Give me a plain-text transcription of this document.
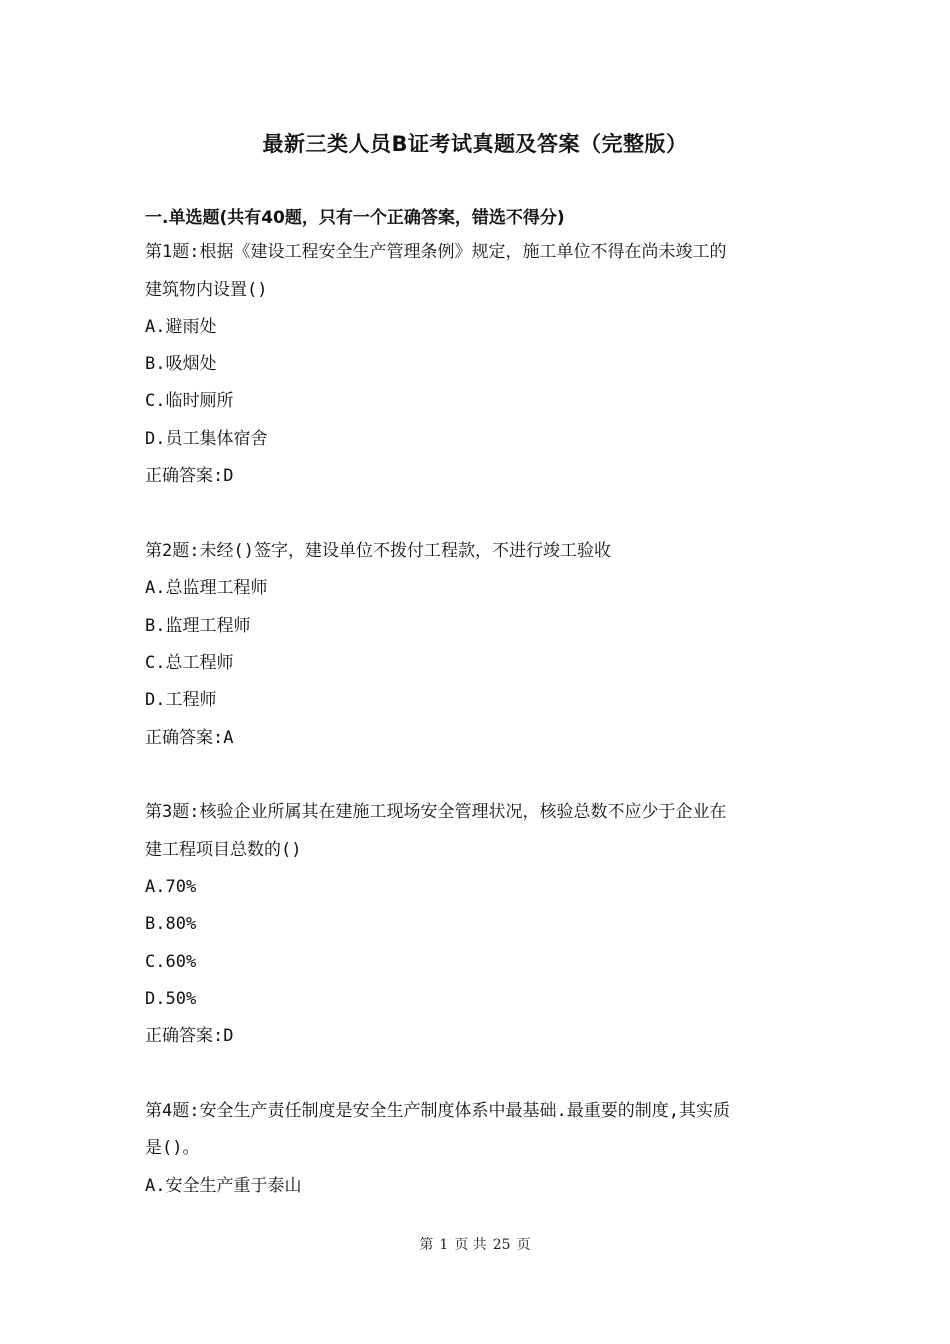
最新三类人员B证考试真题及答案（完整版）
一.单选题(共有40题，只有一个正确答案，错选不得分)

第1题:根据《建设工程安全生产管理条例》规定，施工单位不得在尚未竣工的

建筑物内设置()

A.避雨处

B.吸烟处

C.临时厕所

D.员工集体宿舍

正确答案:D

第2题:未经()签字，建设单位不拨付工程款，不进行竣工验收

A.总监理工程师

B.监理工程师

C.总工程师

D.工程师

正确答案:A

第3题:核验企业所属其在建施工现场安全管理状况，核验总数不应少于企业在

建工程项目总数的()

A.70%

B.80%

C.60%

D.50%

正确答案:D

第4题:安全生产责任制度是安全生产制度体系中最基础.最重要的制度,其实质

是()。

A.安全生产重于泰山

第 1 页 共 25 页
